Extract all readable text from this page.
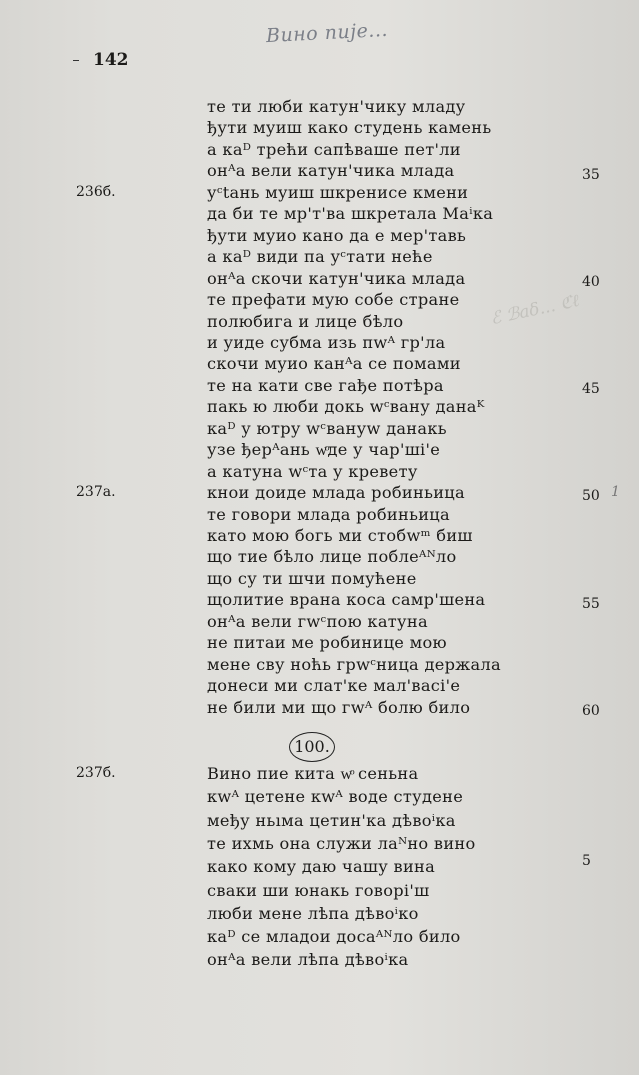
ℰ ℬaδ... ℭℓ
Вино пије...
142
236б.
237а.
237б.
35
40
45
50
55
60
5
1
те ти люби катун'чику младу
ђути муиш како студень камень
а каᴰ трећи сапѣваше пет'ли
онᴬa вели катун'чика млада
уᶜtань муиш шкренисе кмени
да би те мр'т'ва шкретала Маⁱка
ђути муио кано да е мер'тавь
а каᴰ види па уᶜтати неће
онᴬa скочи катун'чика млада
те префати мую собе стране
полюбига и лице бѣло
и уиде субма изь пwᴬ гр'ла
скочи муио канᴬa се помами
те на кати све гађе потѣра
пакь ю люби докь wᶜвану данаᴷ
каᴰ у ютру wᶜвануw данакь
узе ђерᴬань wͦде у чар'ші'е
а катуна wᶜта у кревету
кнои доиде млада робиньица
те говори млада робиньица
като мою богь ми стобwᵐ биш
що тие бѣло лице поблеᴬᴺло
що су ти шчи помућене
щолитие врана коса самр'шена
онᴬa вели гwᶜпою катуна
не питаи ме робиницe мою
мене сву ноћь грwᶜница держала
донеси ми слат'ке мал'васі'е
не били ми що гwᴬ болю било
100.
Вино пие кита wͦ сеньна
кwᴬ цетене кwᴬ воде студене
међу ньıма цетин'ка дѣвоⁱка
те ихмь она служи лаᴺно вино
како кому даю чашу вина
сваки ши юнакь говорі'ш
люби мене лѣпа дѣвоⁱко
каᴰ се младои досаᴬᴺло било
онᴬa вели лѣпа дѣвоⁱка
